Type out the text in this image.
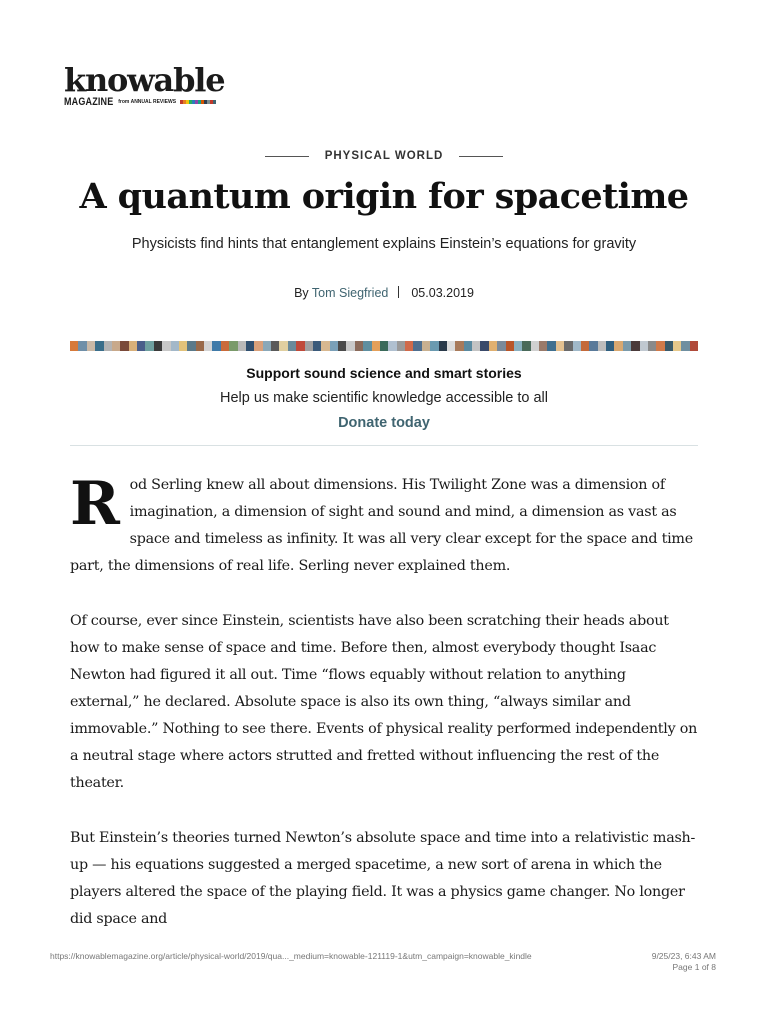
knowable
MAGAZINE from ANNUAL REVIEWS
PHYSICAL WORLD
A quantum origin for spacetime

Physicists find hints that entanglement explains Einstein’s equations for gravity

By Tom Siegfried 05.03.2019
Support sound science and smart stories
Help us make scientific knowledge accessible to all
Donate today

Rod Serling knew all about dimensions. His Twilight Zone was a dimension of imagination, a dimension of sight and sound and mind, a dimension as vast as space and timeless as infinity. It was all very clear except for the space and time part, the dimensions of real life. Serling never explained them.

Of course, ever since Einstein, scientists have also been scratching their heads about how to make sense of space and time. Before then, almost everybody thought Isaac Newton had figured it all out. Time “flows equably without relation to anything external,” he declared. Absolute space is also its own thing, “always similar and immovable.” Nothing to see there. Events of physical reality performed independently on a neutral stage where actors strutted and fretted without influencing the rest of the theater.

But Einstein’s theories turned Newton’s absolute space and time into a relativistic mash-up — his equations suggested a merged spacetime, a new sort of arena in which the players altered the space of the playing field. It was a physics game changer. No longer did space and

https://knowablemagazine.org/article/physical-world/2019/qua..._medium=knowable-121119-1&utm_campaign=knowable_kindle	9/25/23, 6:43 AM
Page 1 of 8
